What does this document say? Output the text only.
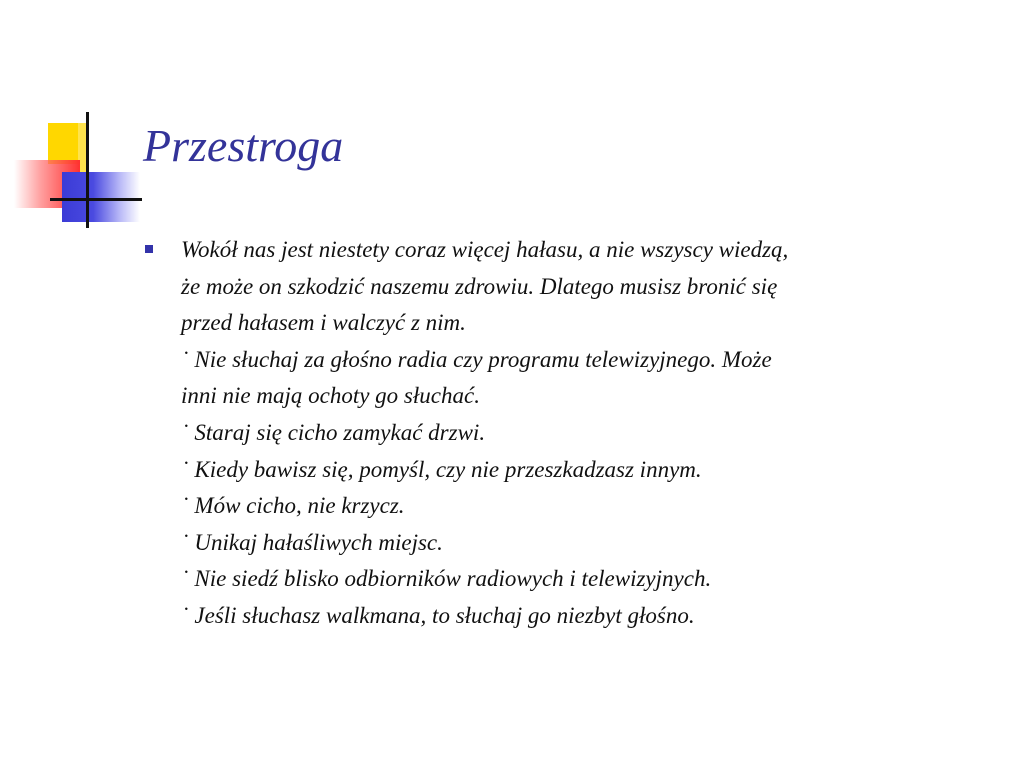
Przestroga
Wokół nas jest niestety coraz więcej hałasu, a nie wszyscy wiedzą,
że może on szkodzić naszemu zdrowiu. Dlatego musisz bronić się
przed hałasem i walczyć z nim.
˙ Nie słuchaj za głośno radia czy programu telewizyjnego. Może
inni nie mają ochoty go słuchać.
˙ Staraj się cicho zamykać drzwi.
˙ Kiedy bawisz się, pomyśl, czy nie przeszkadzasz innym.
˙ Mów cicho, nie krzycz.
˙ Unikaj hałaśliwych miejsc.
˙ Nie siedź blisko odbiorników radiowych i telewizyjnych.
˙ Jeśli słuchasz walkmana, to słuchaj go niezbyt głośno.
